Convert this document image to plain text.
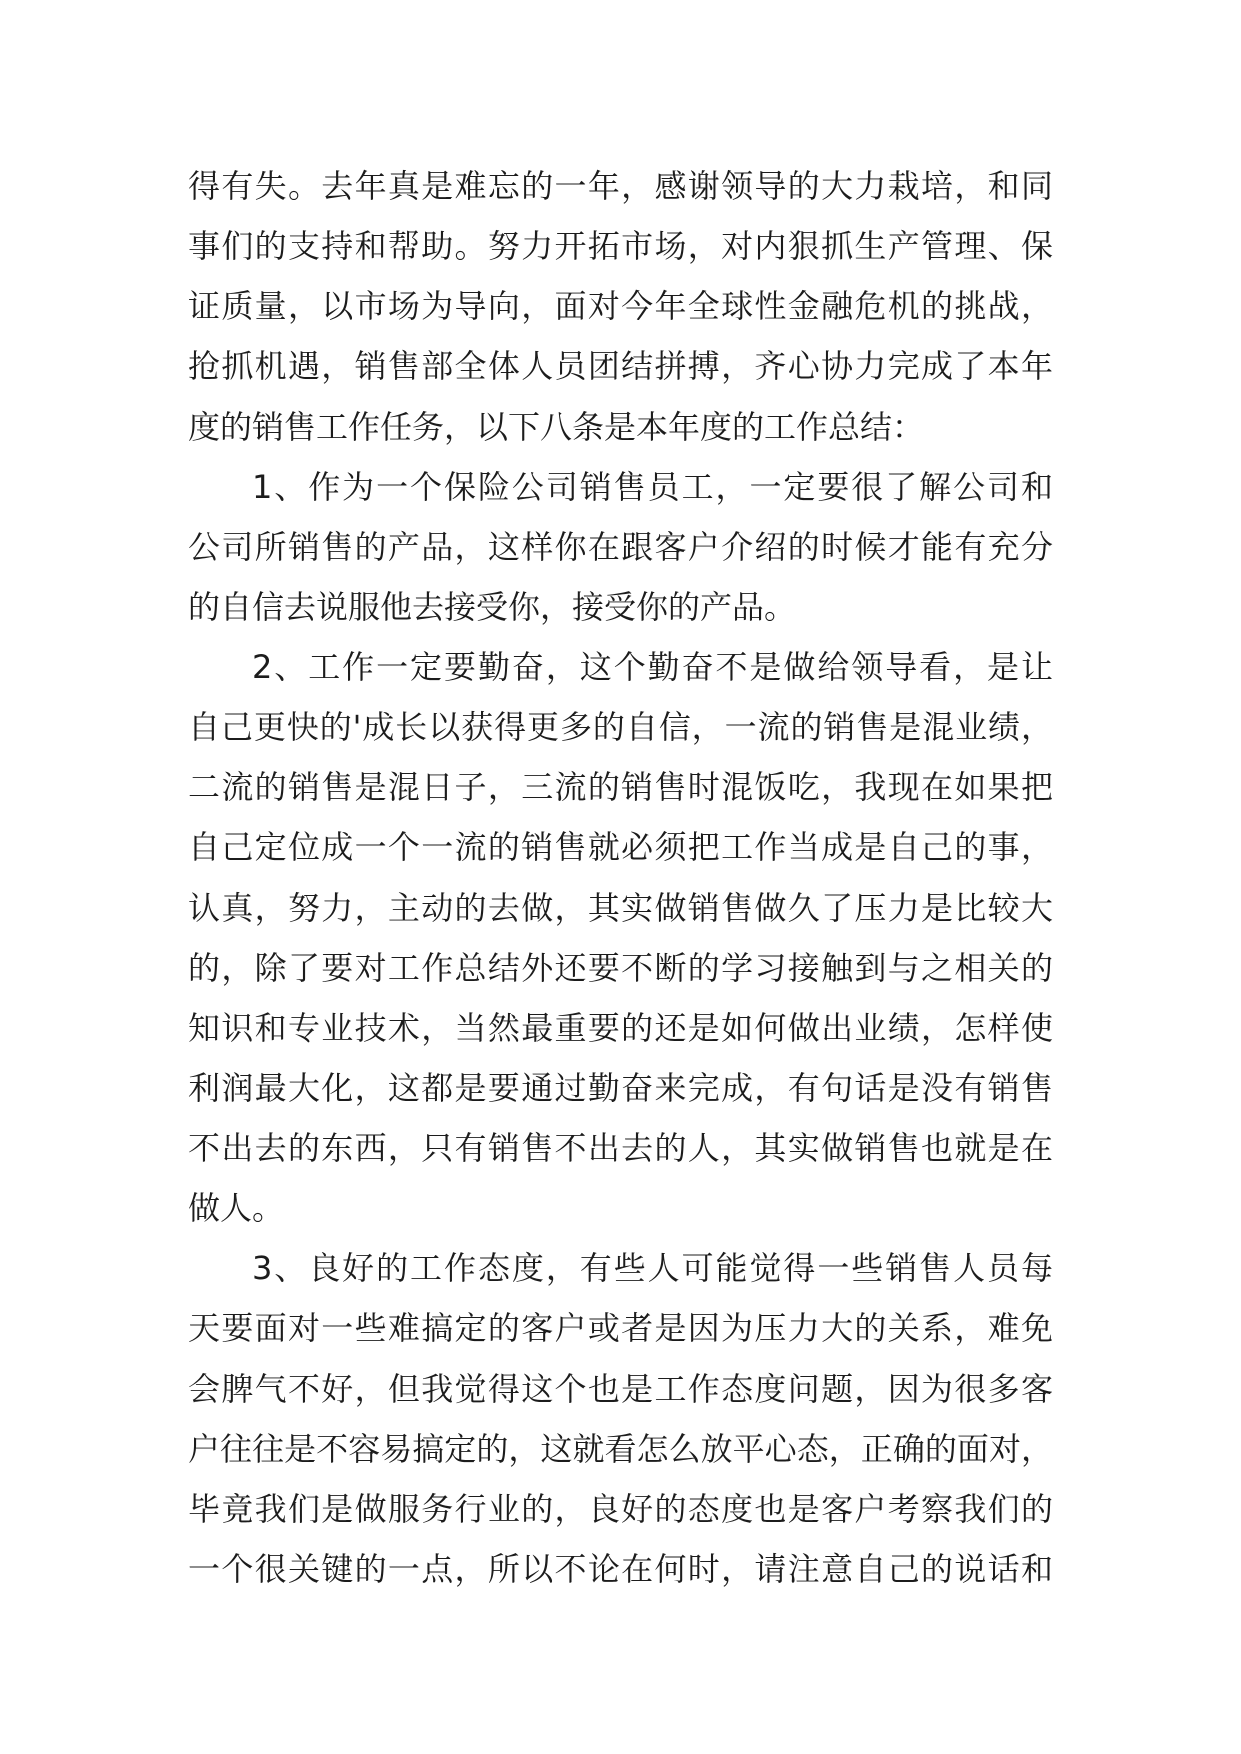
得有失。去年真是难忘的一年，感谢领导的大力栽培，和同
事们的支持和帮助。努力开拓市场，对内狠抓生产管理、保
证质量，以市场为导向，面对今年全球性金融危机的挑战，
抢抓机遇，销售部全体人员团结拼搏，齐心协力完成了本年
度的销售工作任务，以下八条是本年度的工作总结：
1、作为一个保险公司销售员工，一定要很了解公司和
公司所销售的产品，这样你在跟客户介绍的时候才能有充分
的自信去说服他去接受你，接受你的产品。
2、工作一定要勤奋，这个勤奋不是做给领导看，是让
自己更快的'成长以获得更多的自信，一流的销售是混业绩，
二流的销售是混日子，三流的销售时混饭吃，我现在如果把
自己定位成一个一流的销售就必须把工作当成是自己的事，
认真，努力，主动的去做，其实做销售做久了压力是比较大
的，除了要对工作总结外还要不断的学习接触到与之相关的
知识和专业技术，当然最重要的还是如何做出业绩，怎样使
利润最大化，这都是要通过勤奋来完成，有句话是没有销售
不出去的东西，只有销售不出去的人，其实做销售也就是在
做人。
3、良好的工作态度，有些人可能觉得一些销售人员每
天要面对一些难搞定的客户或者是因为压力大的关系，难免
会脾气不好，但我觉得这个也是工作态度问题，因为很多客
户往往是不容易搞定的，这就看怎么放平心态，正确的面对，
毕竟我们是做服务行业的，良好的态度也是客户考察我们的
一个很关键的一点，所以不论在何时，请注意自己的说话和
